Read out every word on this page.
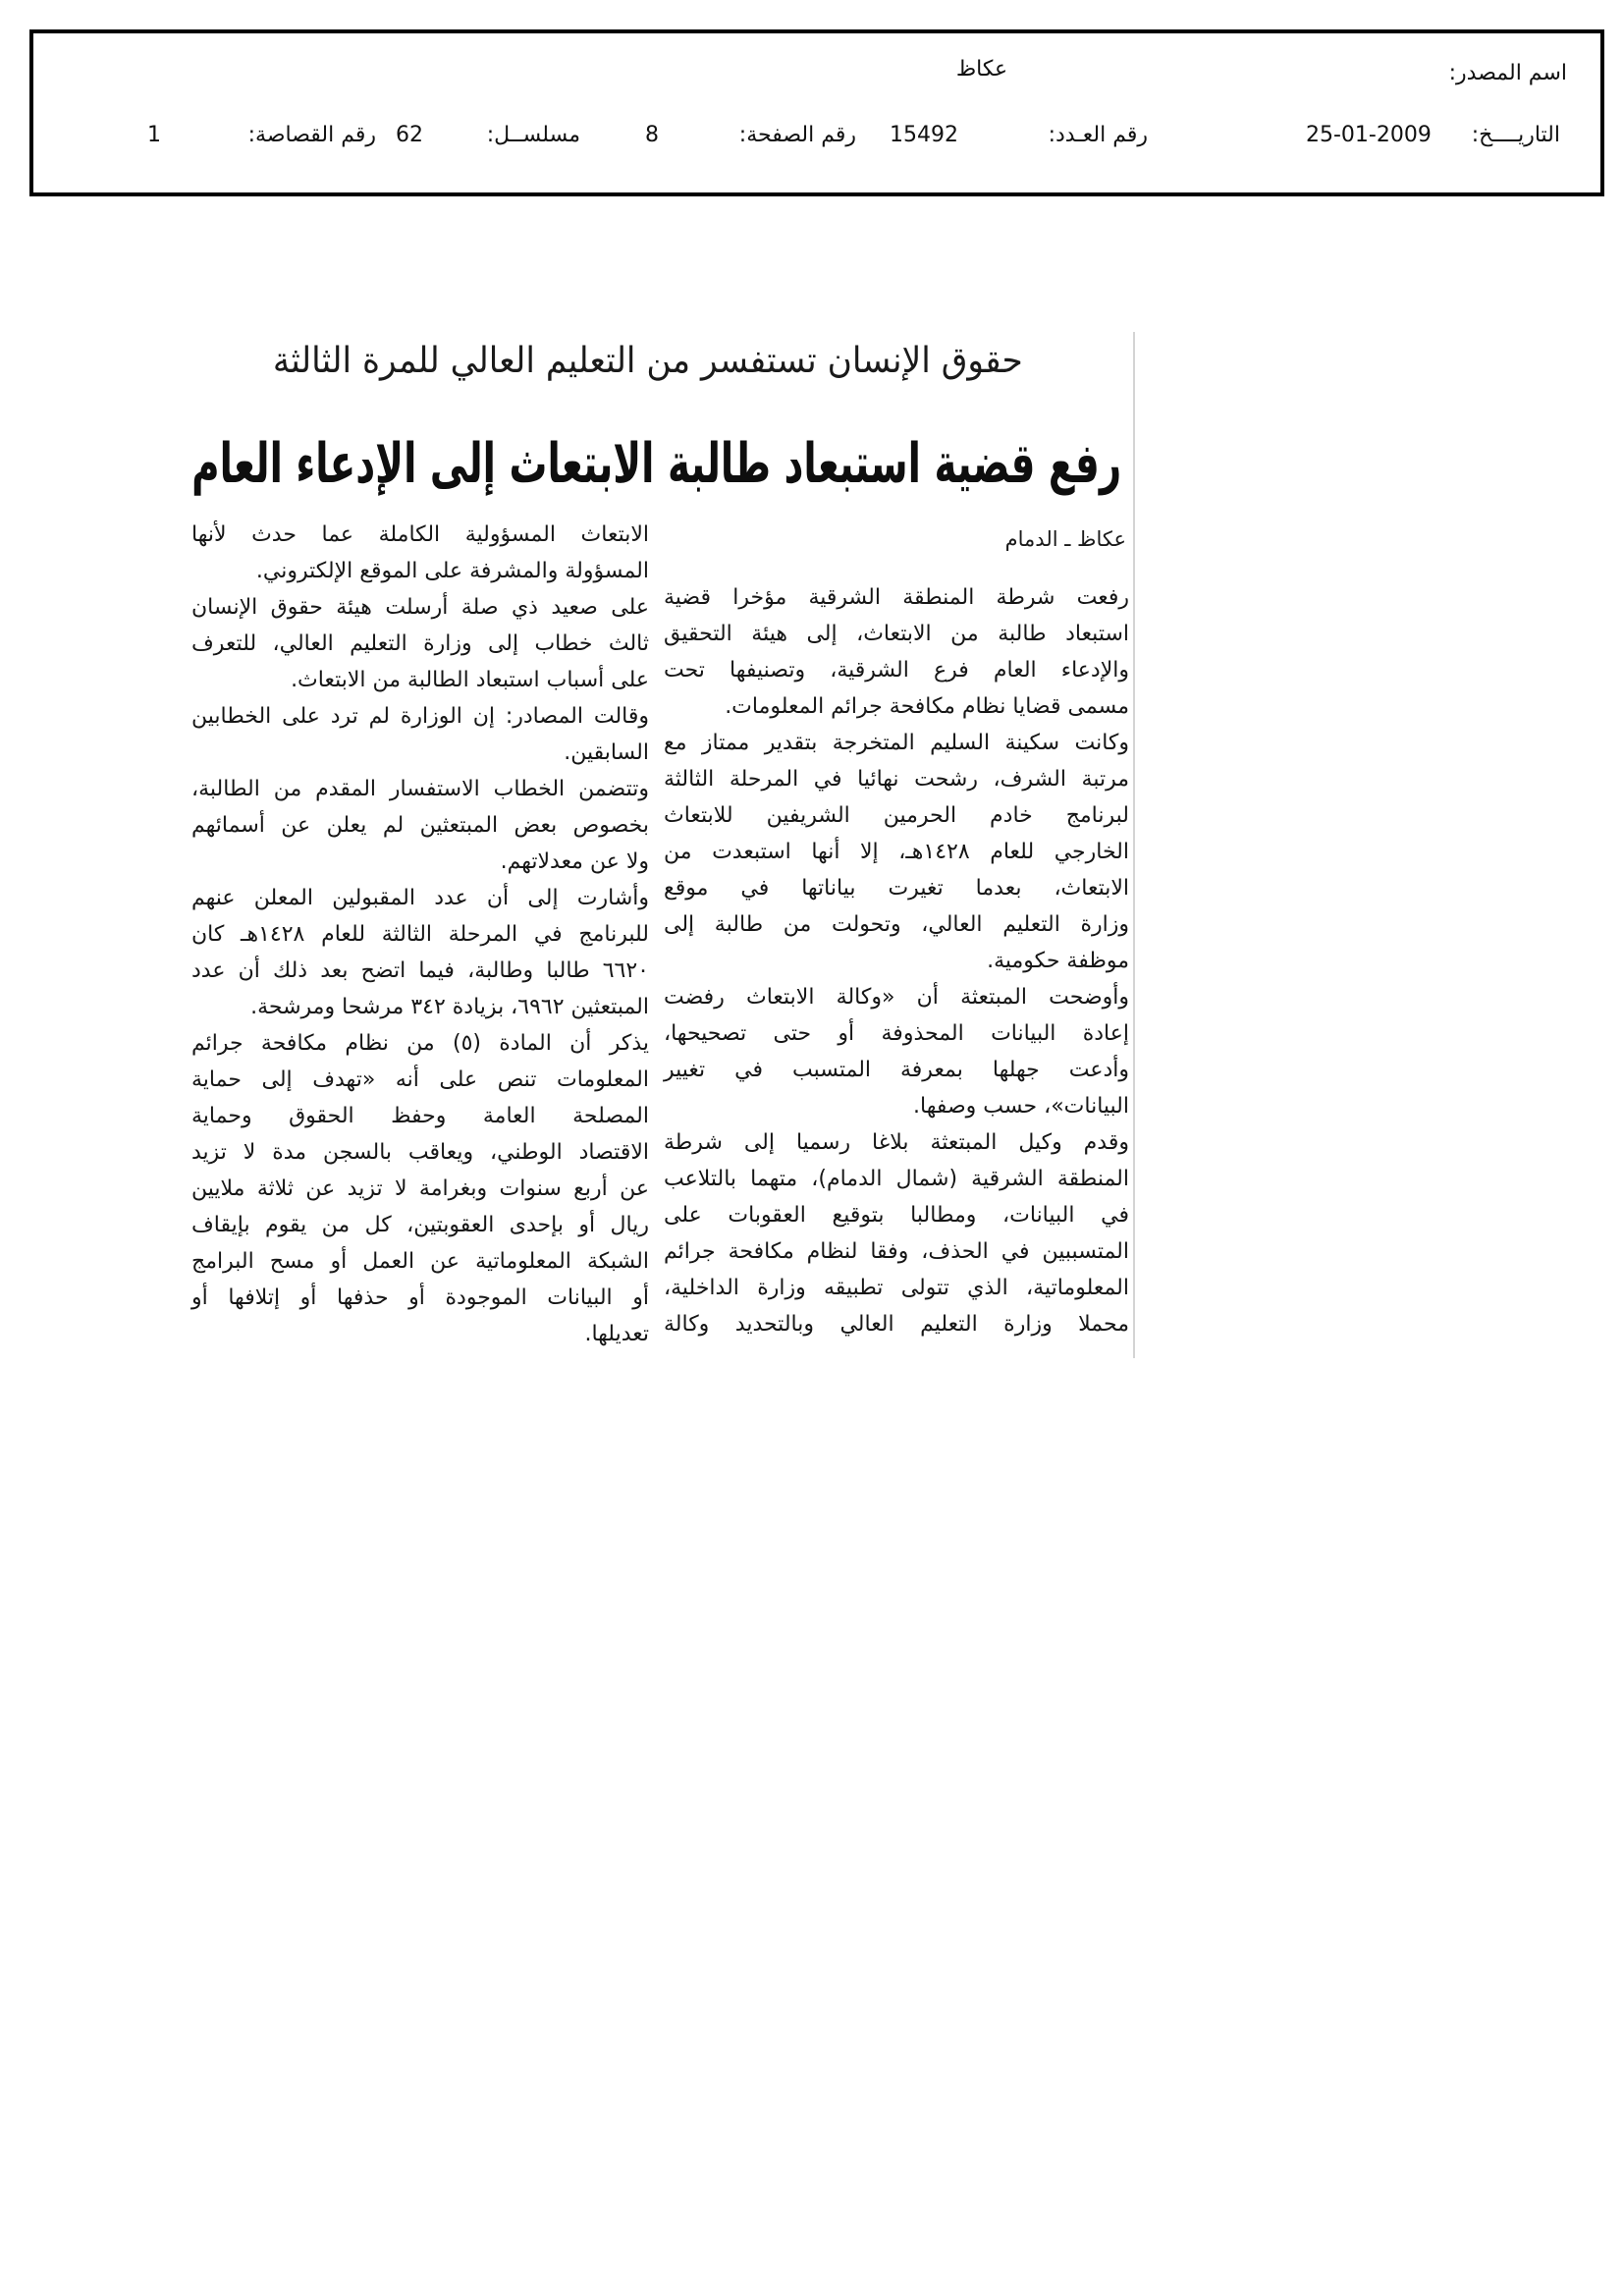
اسم المصدر:
عكاظ
التاريــــخ:
25-01-2009
رقم العـدد:
15492
رقم الصفحة:
8
مسلســل:
62
رقم القصاصة:
1
حقوق الإنسان تستفسر من التعليم العالي للمرة الثالثة
رفع قضية استبعاد طالبة الابتعاث إلى الإدعاء العام
عكاظ ـ الدمام
رفعت شرطة المنطقة الشرقية مؤخرا قضية
استبعاد طالبة من الابتعاث، إلى هيئة التحقيق
والإدعاء العام فرع الشرقية، وتصنيفها تحت
مسمى قضايا نظام مكافحة جرائم المعلومات.
وكانت سكينة السليم المتخرجة بتقدير ممتاز مع
مرتبة الشرف، رشحت نهائيا في المرحلة الثالثة
لبرنامج خادم الحرمين الشريفين للابتعاث
الخارجي للعام ١٤٢٨هـ، إلا أنها استبعدت من
الابتعاث، بعدما تغيرت بياناتها في موقع
وزارة التعليم العالي، وتحولت من طالبة إلى
موظفة حكومية.
وأوضحت المبتعثة أن «وكالة الابتعاث رفضت
إعادة البيانات المحذوفة أو حتى تصحيحها،
وأدعت جهلها بمعرفة المتسبب في تغيير
البيانات»، حسب وصفها.
وقدم وكيل المبتعثة بلاغا رسميا إلى شرطة
المنطقة الشرقية (شمال الدمام)، متهما بالتلاعب
في البيانات، ومطالبا بتوقيع العقوبات على
المتسببين في الحذف، وفقا لنظام مكافحة جرائم
المعلوماتية، الذي تتولى تطبيقه وزارة الداخلية،
محملا وزارة التعليم العالي وبالتحديد وكالة
الابتعاث المسؤولية الكاملة عما حدث لأنها
المسؤولة والمشرفة على الموقع الإلكتروني.
على صعيد ذي صلة أرسلت هيئة حقوق الإنسان
ثالث خطاب إلى وزارة التعليم العالي، للتعرف
على أسباب استبعاد الطالبة من الابتعاث.
وقالت المصادر: إن الوزارة لم ترد على الخطابين
السابقين.
وتتضمن الخطاب الاستفسار المقدم من الطالبة،
بخصوص بعض المبتعثين لم يعلن عن أسمائهم
ولا عن معدلاتهم.
وأشارت إلى أن عدد المقبولين المعلن عنهم
للبرنامج في المرحلة الثالثة للعام ١٤٢٨هـ كان
٦٦٢٠ طالبا وطالبة، فيما اتضح بعد ذلك أن عدد
المبتعثين ٦٩٦٢، بزيادة ٣٤٢ مرشحا ومرشحة.
يذكر أن المادة (٥) من نظام مكافحة جرائم
المعلومات تنص على أنه «تهدف إلى حماية
المصلحة العامة وحفظ الحقوق وحماية
الاقتصاد الوطني، ويعاقب بالسجن مدة لا تزيد
عن أربع سنوات وبغرامة لا تزيد عن ثلاثة ملايين
ريال أو بإحدى العقوبتين، كل من يقوم بإيقاف
الشبكة المعلوماتية عن العمل أو مسح البرامج
أو البيانات الموجودة أو حذفها أو إتلافها أو
تعديلها.
